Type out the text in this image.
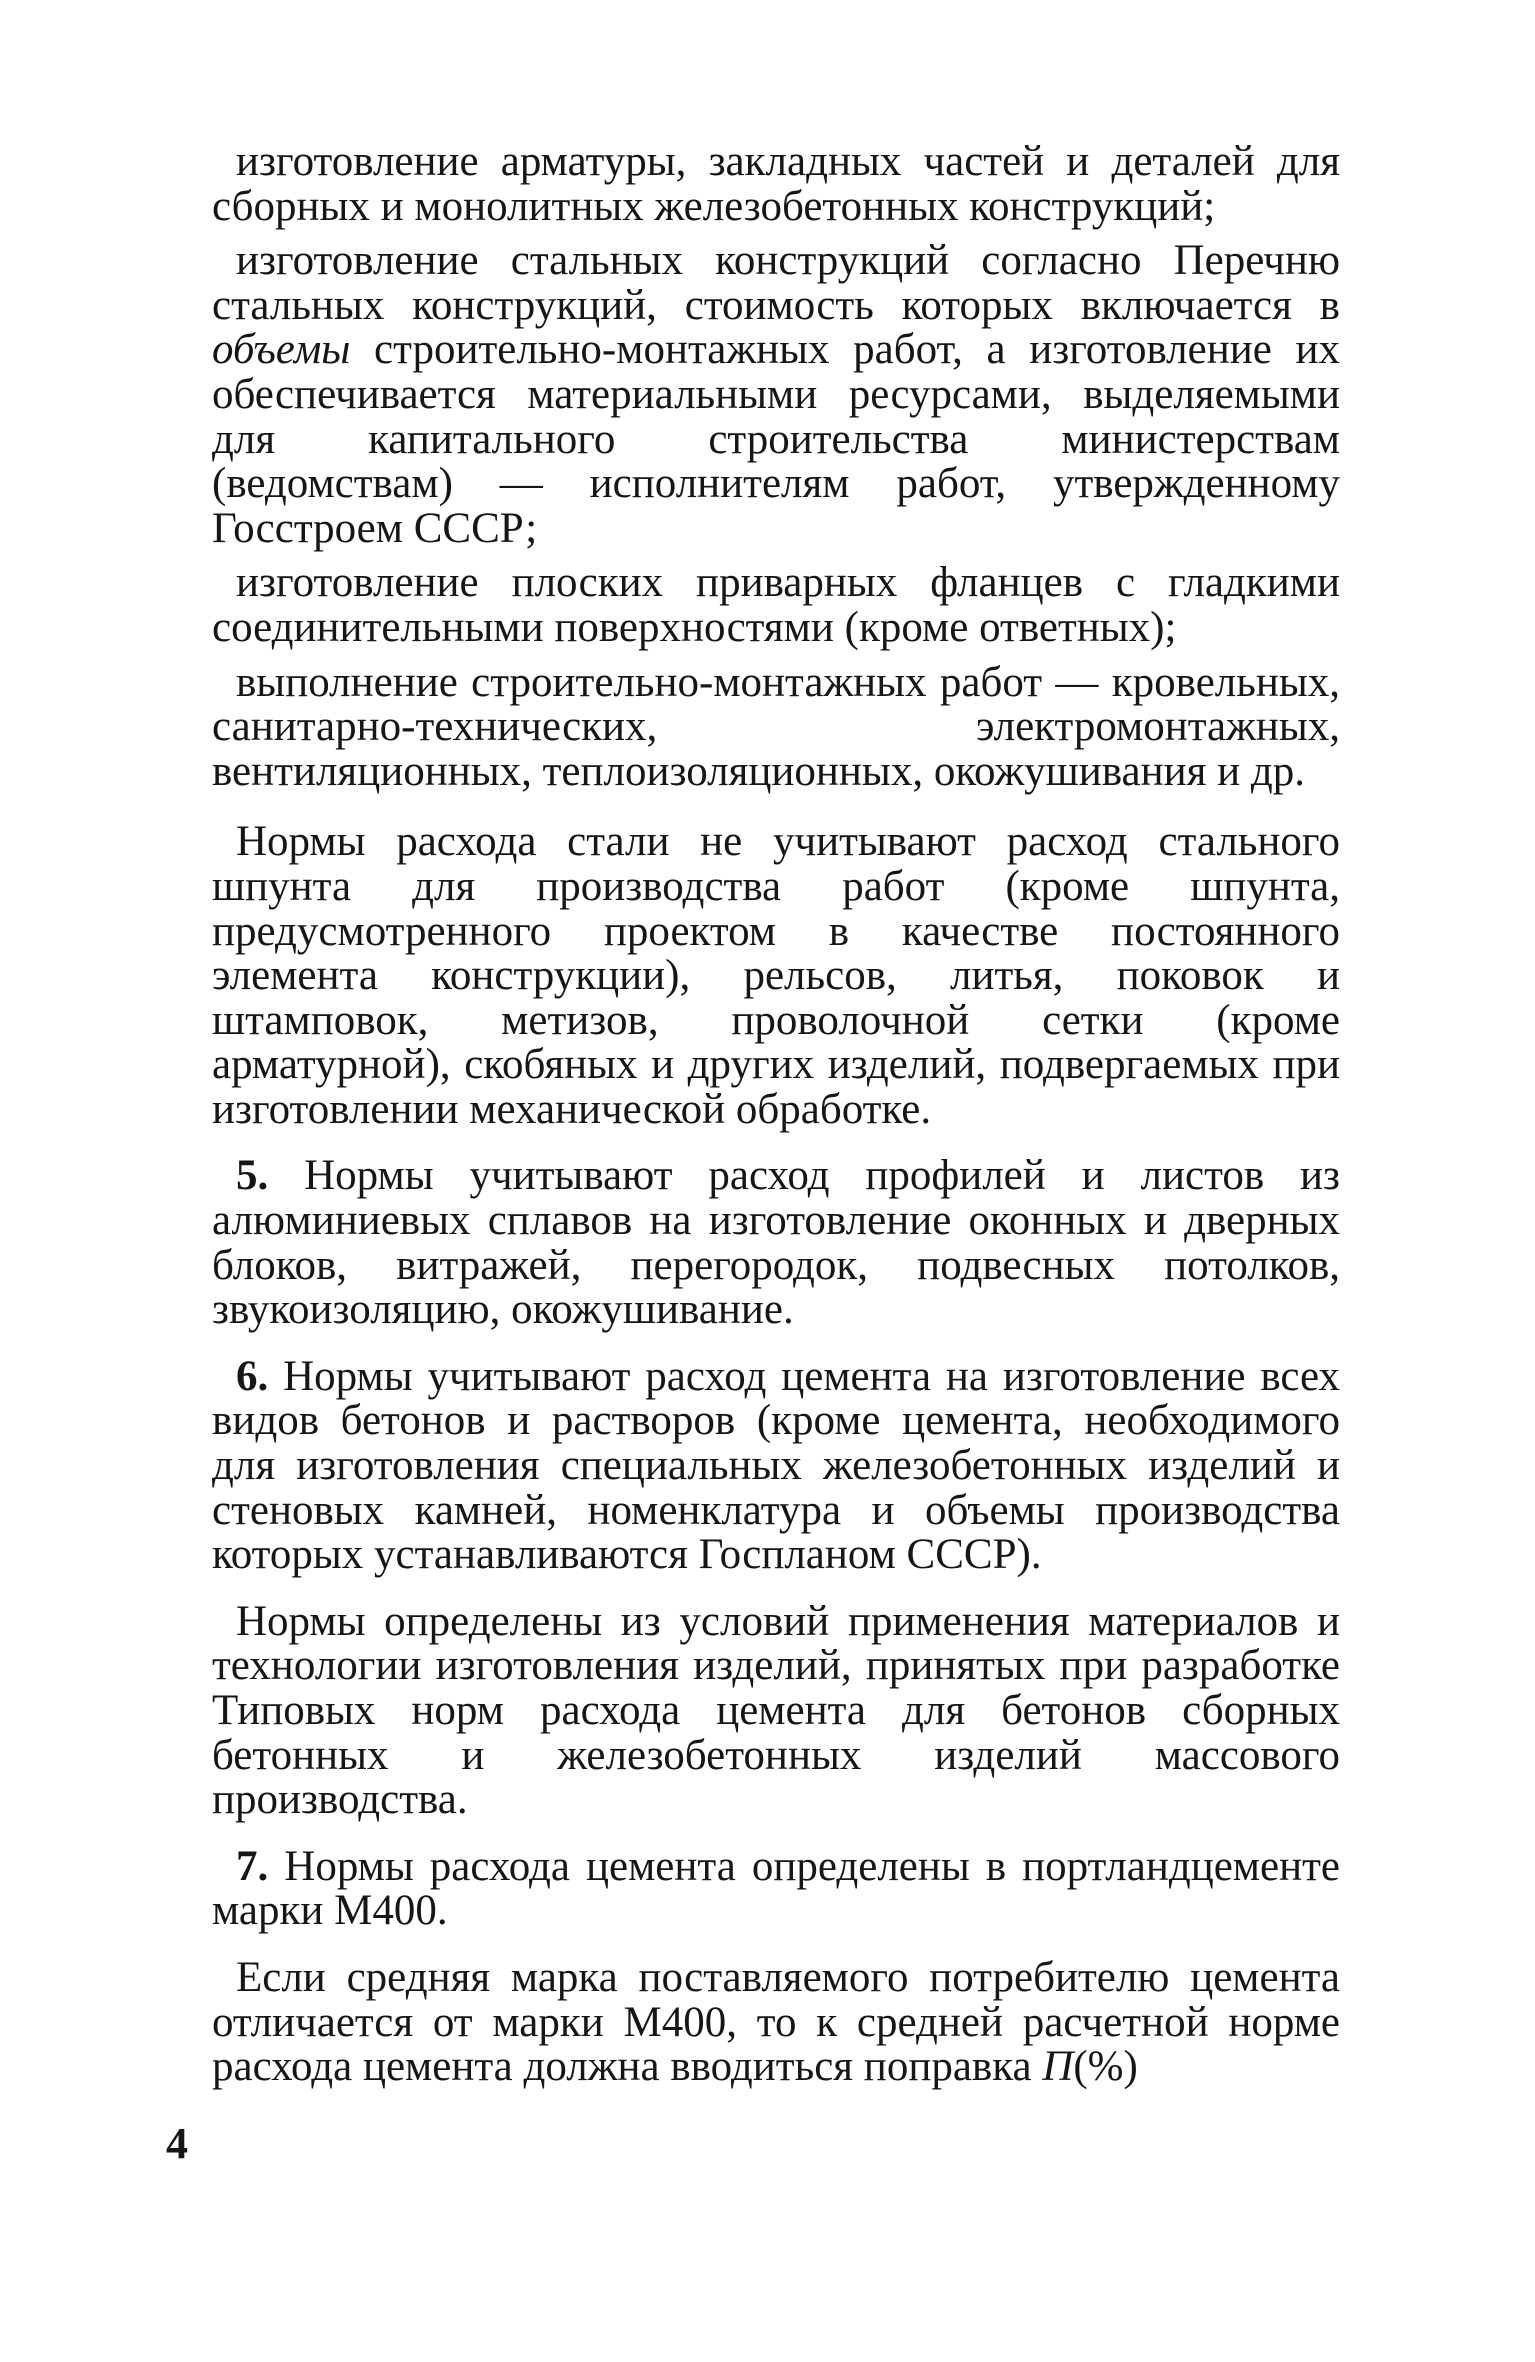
изготовление арматуры, закладных частей и деталей для сборных и монолитных железобетонных конструкций;

изготовление стальных конструкций согласно Перечню стальных конструкций, стоимость которых включается в объемы строительно-монтажных работ, а изготовление их обеспечивается материальными ресурсами, выделяемыми для капитального строительства министерствам (ведомствам) — исполнителям работ, утвержденному Госстроем СССР;

изготовление плоских приварных фланцев с гладкими соединительными поверхностями (кроме ответных);

выполнение строительно-монтажных работ — кровельных, санитарно-технических, электромонтажных, вентиляционных, теплоизоляционных, окожушивания и др.

Нормы расхода стали не учитывают расход стального шпунта для производства работ (кроме шпунта, предусмотренного проектом в качестве постоянного элемента конструкции), рельсов, литья, поковок и штамповок, метизов, проволочной сетки (кроме арматурной), скобяных и других изделий, подвергаемых при изготовлении механической обработке.

5. Нормы учитывают расход профилей и листов из алюминиевых сплавов на изготовление оконных и дверных блоков, витражей, перегородок, подвесных потолков, звукоизоляцию, окожушивание.

6. Нормы учитывают расход цемента на изготовление всех видов бетонов и растворов (кроме цемента, необходимого для изготовления специальных железобетонных изделий и стеновых камней, номенклатура и объемы производства которых устанавливаются Госпланом СССР).

Нормы определены из условий применения материалов и технологии изготовления изделий, принятых при разработке Типовых норм расхода цемента для бетонов сборных бетонных и железобетонных изделий массового производства.

7. Нормы расхода цемента определены в портландцементе марки М400.

Если средняя марка поставляемого потребителю цемента отличается от марки М400, то к средней расчетной норме расхода цемента должна вводиться поправка П(%)

4
